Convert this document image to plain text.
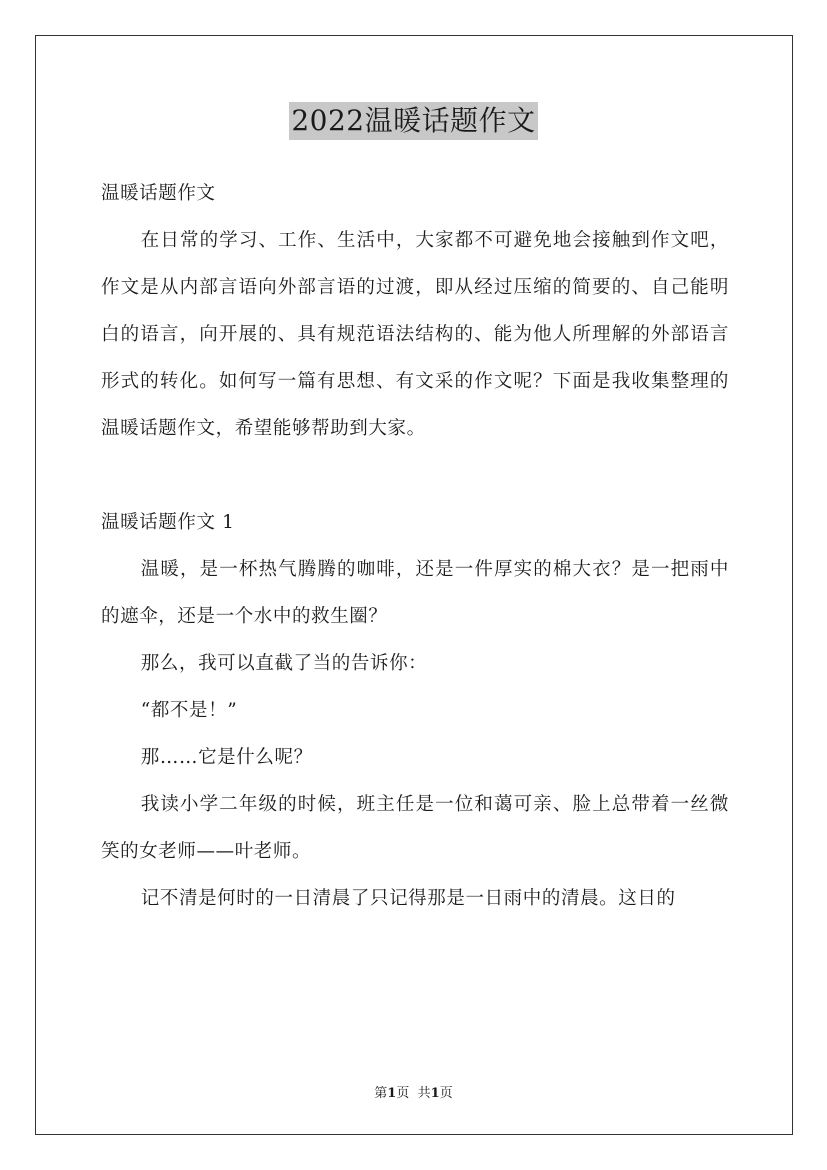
2022温暖话题作文

温暖话题作文

在日常的学习、工作、生活中，大家都不可避免地会接触到作文吧，作文是从内部言语向外部言语的过渡，即从经过压缩的简要的、自己能明白的语言，向开展的、具有规范语法结构的、能为他人所理解的外部语言形式的转化。如何写一篇有思想、有文采的作文呢？下面是我收集整理的温暖话题作文，希望能够帮助到大家。

温暖话题作文 1

温暖，是一杯热气腾腾的咖啡，还是一件厚实的棉大衣？是一把雨中的遮伞，还是一个水中的救生圈？

那么，我可以直截了当的告诉你：

“都不是！”

那……它是什么呢？

我读小学二年级的时候，班主任是一位和蔼可亲、脸上总带着一丝微笑的女老师——叶老师。

记不清是何时的一日清晨了只记得那是一日雨中的清晨。这日的

第1页 共1页
